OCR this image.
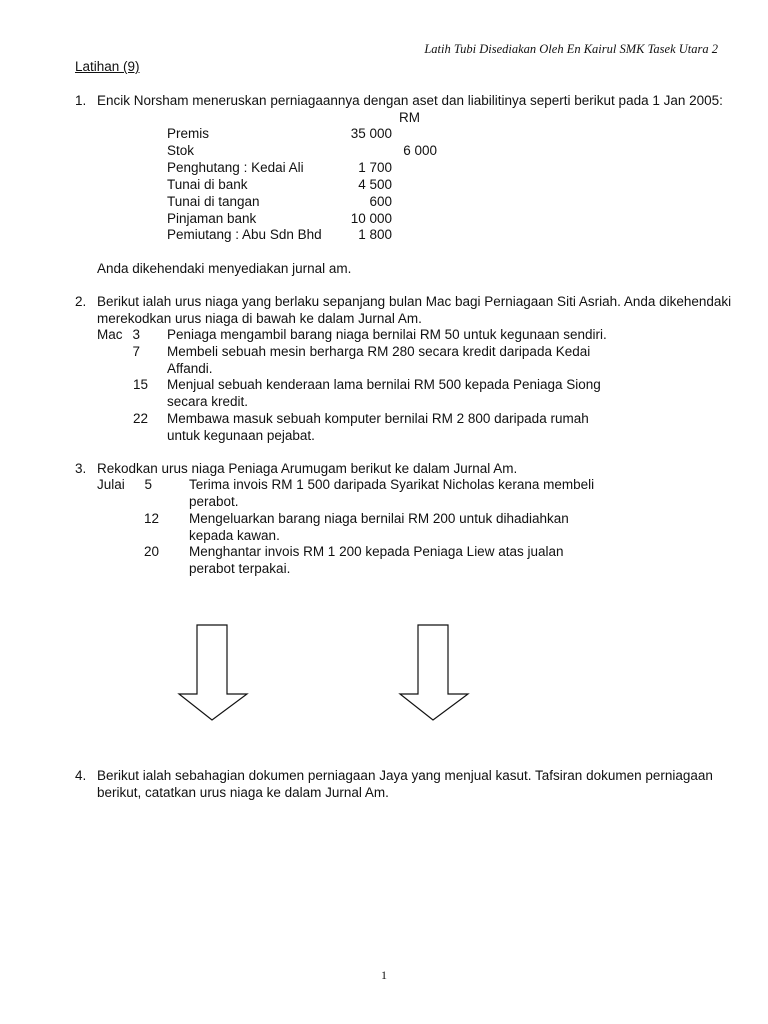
Latih Tubi Disediakan Oleh En Kairul SMK Tasek Utara 2
Latihan (9)
1. Encik Norsham meneruskan perniagaannya dengan aset dan liabilitinya seperti berikut pada 1 Jan 2005:
RM
Premis	35 000
Stok	6 000
Penghutang : Kedai Ali	1 700
Tunai di bank	4 500
Tunai di tangan	600
Pinjaman bank	10 000
Pemiutang : Abu Sdn Bhd	1 800
Anda dikehendaki menyediakan jurnal am.
2. Berikut ialah urus niaga yang berlaku sepanjang bulan Mac bagi Perniagaan Siti Asriah. Anda dikehendaki
merekodkan urus niaga di bawah ke dalam Jurnal Am.
Mac 3 Peniaga mengambil barang niaga bernilai RM 50 untuk kegunaan sendiri.
7 Membeli sebuah mesin berharga RM 280 secara kredit daripada Kedai
Affandi.
15 Menjual sebuah kenderaan lama bernilai RM 500 kepada Peniaga Siong
secara kredit.
22 Membawa masuk sebuah komputer bernilai RM 2 800 daripada rumah
untuk kegunaan pejabat.
3. Rekodkan urus niaga Peniaga Arumugam berikut ke dalam Jurnal Am.
Julai	5	Terima invois RM 1 500 daripada Syarikat Nicholas kerana membeli
perabot.
12 Mengeluarkan barang niaga bernilai RM 200 untuk dihadiahkan
kepada kawan.
20 Menghantar invois RM 1 200 kepada Peniaga Liew atas jualan
perabot terpakai.
4. Berikut ialah sebahagian dokumen perniagaan Jaya yang menjual kasut. Tafsiran dokumen perniagaan
berikut, catatkan urus niaga ke dalam Jurnal Am.
1
